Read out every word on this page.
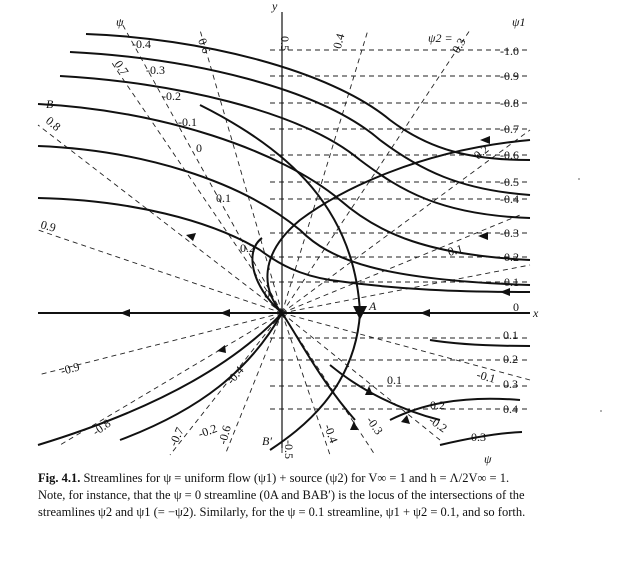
ψ
ψ2 =
ψ1
x
y
A
B
B′
-0.4
-0.3
-0.2
-0.1
0
0.1
0.2
0
-0.4
-0.2
-1.0
-0.9
-0.8
-0.7
-0.6
-0.5
-0.4
-0.3
-0.2
-0.1
0
0.1
0.2
0.3
0.4
0.6	0.5	0.4	0.3
0.7
0.8
0.9
0.2
0.1
-0.9
-0.8	-0.7 -0.6
-0.5
-0.4 -0.3	-0.2
-0.1
0.1
0.2
0.3
ψ

Fig. 4.1. Streamlines for ψ = uniform flow (ψ1) + source (ψ2) for V∞ = 1 and h = Λ/2V∞ = 1. Note, for instance, that the ψ = 0 streamline (0A and BAB′) is the locus of the intersections of the streamlines ψ2 and ψ1 (= −ψ2). Similarly, for the ψ = 0.1 streamline, ψ1 + ψ2 = 0.1, and so forth.
